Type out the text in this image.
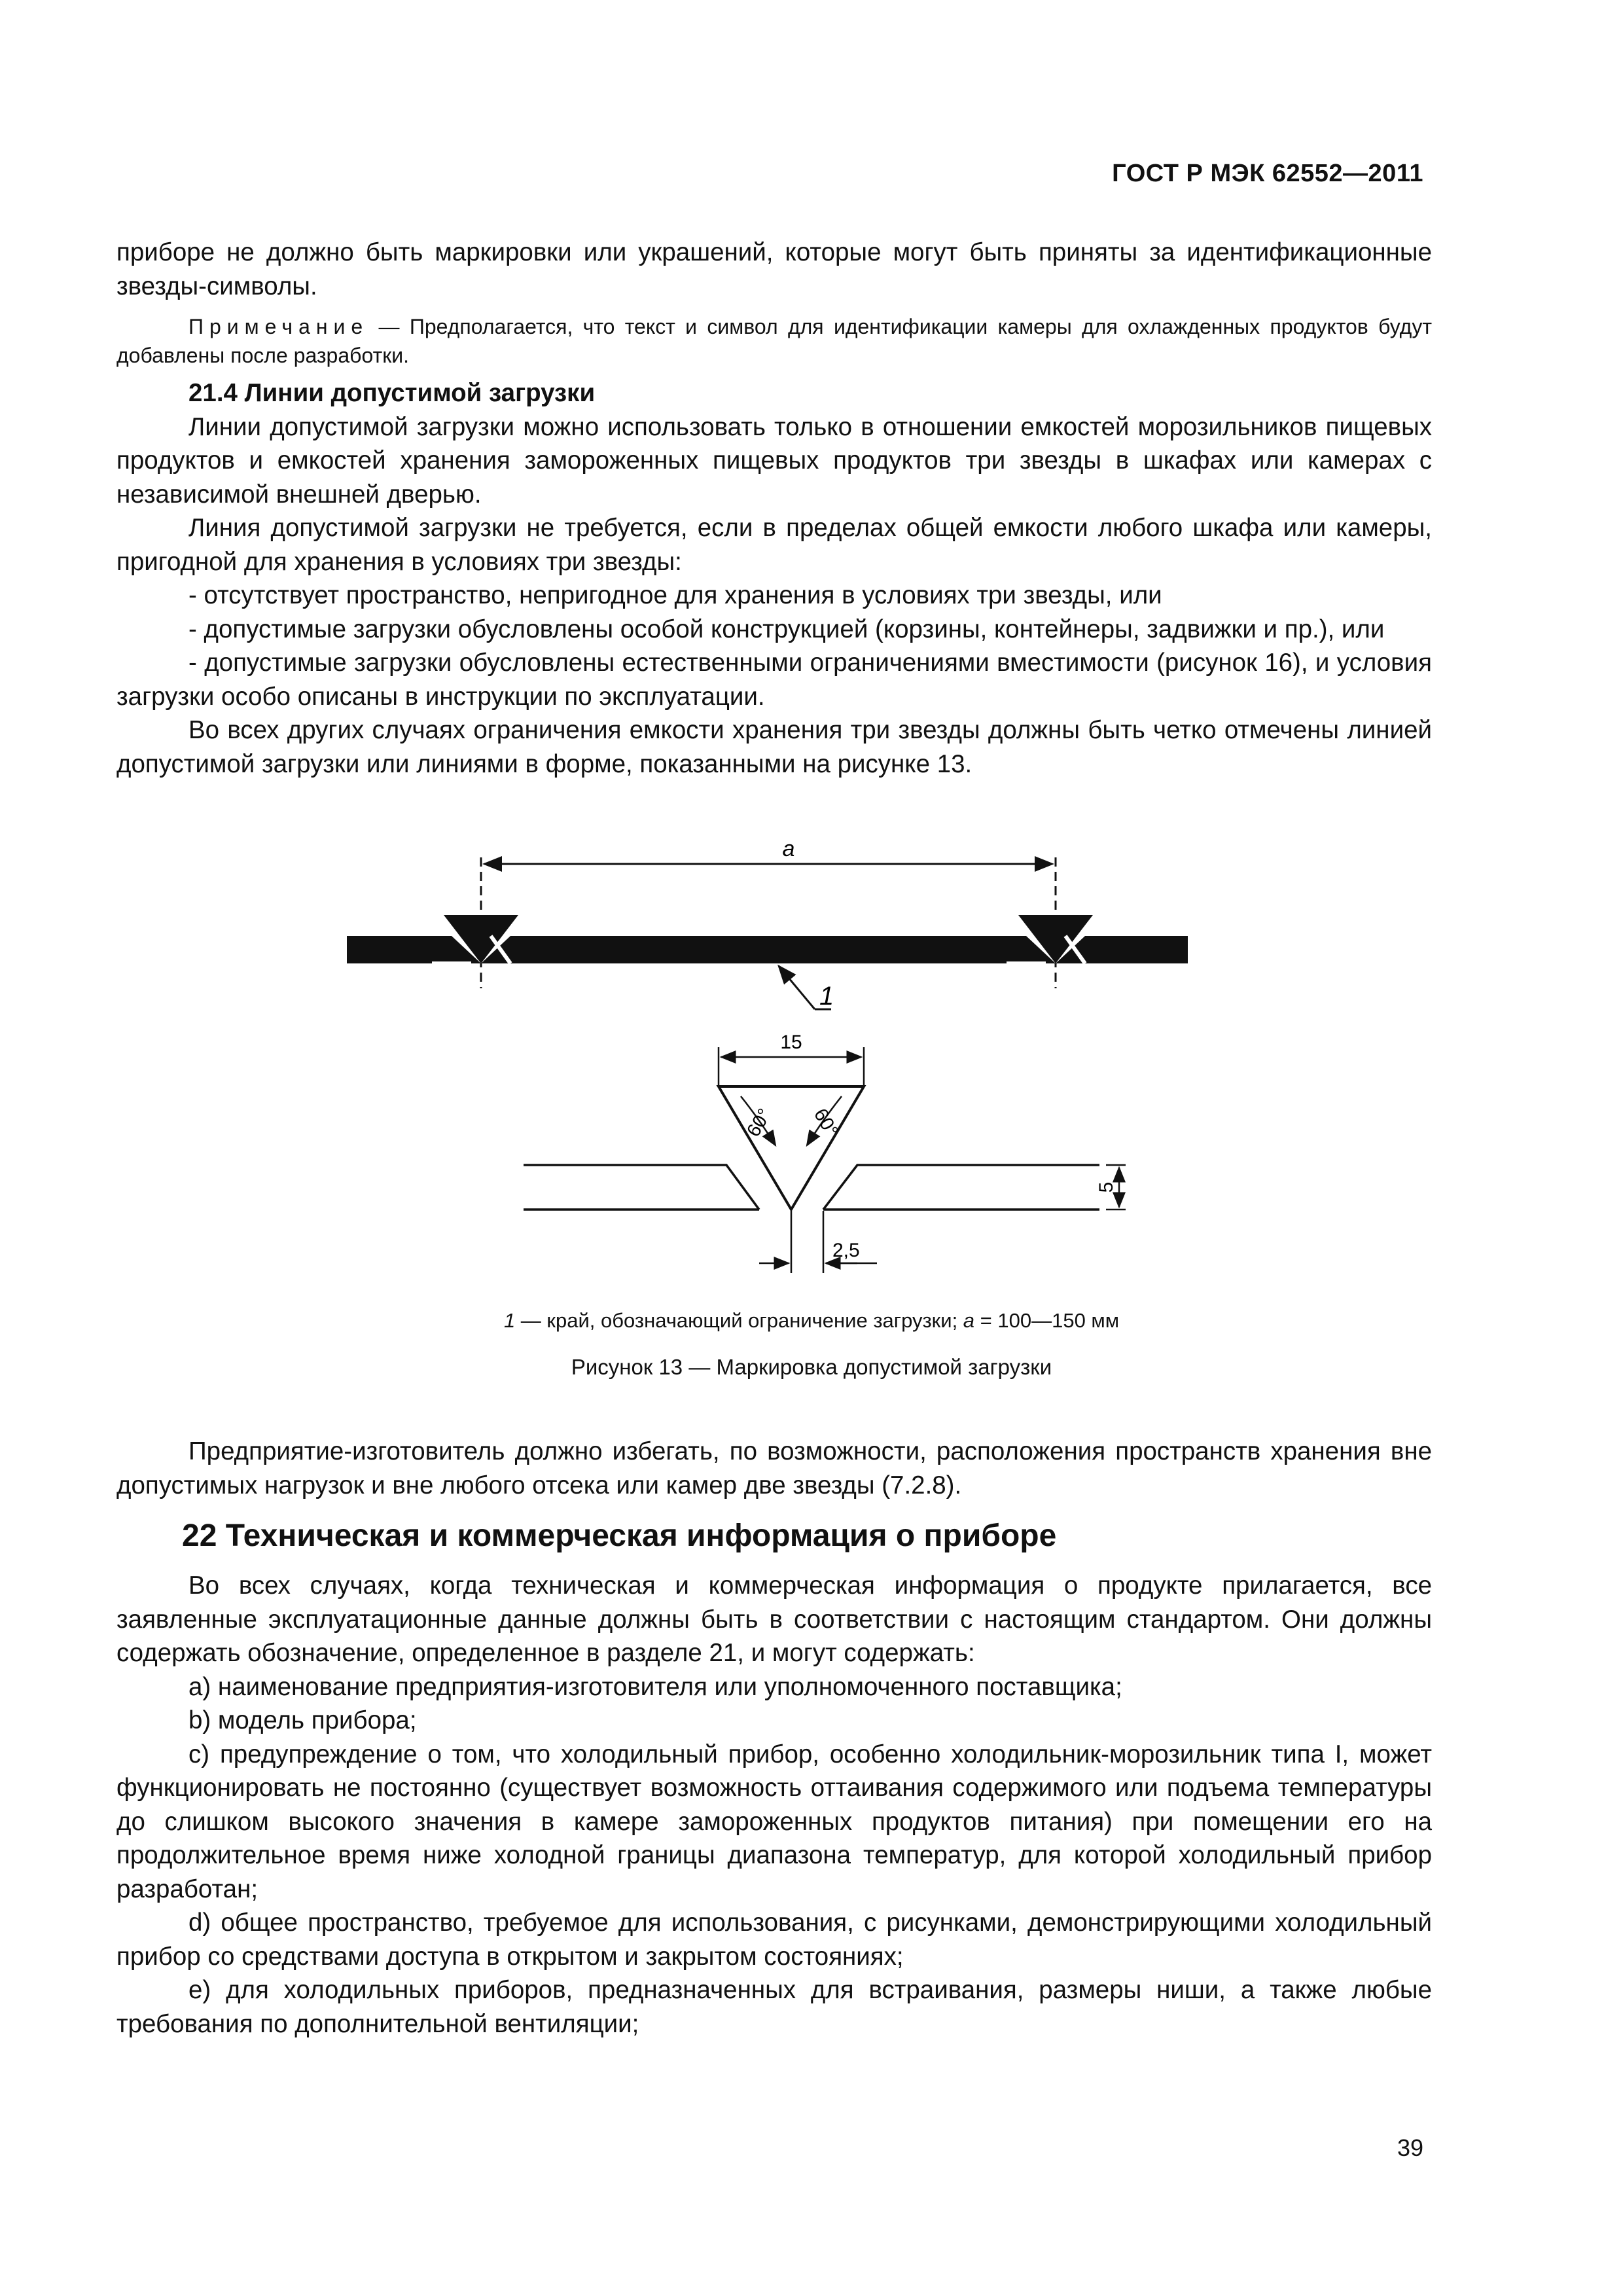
ГОСТ Р МЭК 62552—2011

приборе не должно быть маркировки или украшений, которые могут быть приняты за идентификационные звезды-символы.

Примечание — Предполагается, что текст и символ для идентификации камеры для охлажденных продуктов будут добавлены после разработки.

21.4 Линии допустимой загрузки

Линии допустимой загрузки можно использовать только в отношении емкостей морозильников пищевых продуктов и емкостей хранения замороженных пищевых продуктов три звезды в шкафах или камерах с независимой внешней дверью.

Линия допустимой загрузки не требуется, если в пределах общей емкости любого шкафа или камеры, пригодной для хранения в условиях три звезды:

- отсутствует пространство, непригодное для хранения в условиях три звезды, или

- допустимые загрузки обусловлены особой конструкцией (корзины, контейнеры, задвижки и пр.), или

- допустимые загрузки обусловлены естественными ограничениями вместимости (рисунок 16), и условия загрузки особо описаны в инструкции по эксплуатации.

Во всех других случаях ограничения емкости хранения три звезды должны быть четко отмечены линией допустимой загрузки или линиями в форме, показанными на рисунке 13.

a
1
15
60° 60°
5
2,5
1 — край, обозначающий ограничение загрузки; a = 100—150 мм
Рисунок 13 — Маркировка допустимой загрузки

Предприятие-изготовитель должно избегать, по возможности, расположения пространств хранения вне допустимых нагрузок и вне любого отсека или камер две звезды (7.2.8).

22 Техническая и коммерческая информация о приборе

Во всех случаях, когда техническая и коммерческая информация о продукте прилагается, все заявленные эксплуатационные данные должны быть в соответствии с настоящим стандартом. Они должны содержать обозначение, определенное в разделе 21, и могут содержать:

a) наименование предприятия-изготовителя или уполномоченного поставщика;

b) модель прибора;

c) предупреждение о том, что холодильный прибор, особенно холодильник-морозильник типа I, может функционировать не постоянно (существует возможность оттаивания содержимого или подъема температуры до слишком высокого значения в камере замороженных продуктов питания) при помещении его на продолжительное время ниже холодной границы диапазона температур, для которой холодильный прибор разработан;

d) общее пространство, требуемое для использования, с рисунками, демонстрирующими холодильный прибор со средствами доступа в открытом и закрытом состояниях;

e) для холодильных приборов, предназначенных для встраивания, размеры ниши, а также любые требования по дополнительной вентиляции;

39
